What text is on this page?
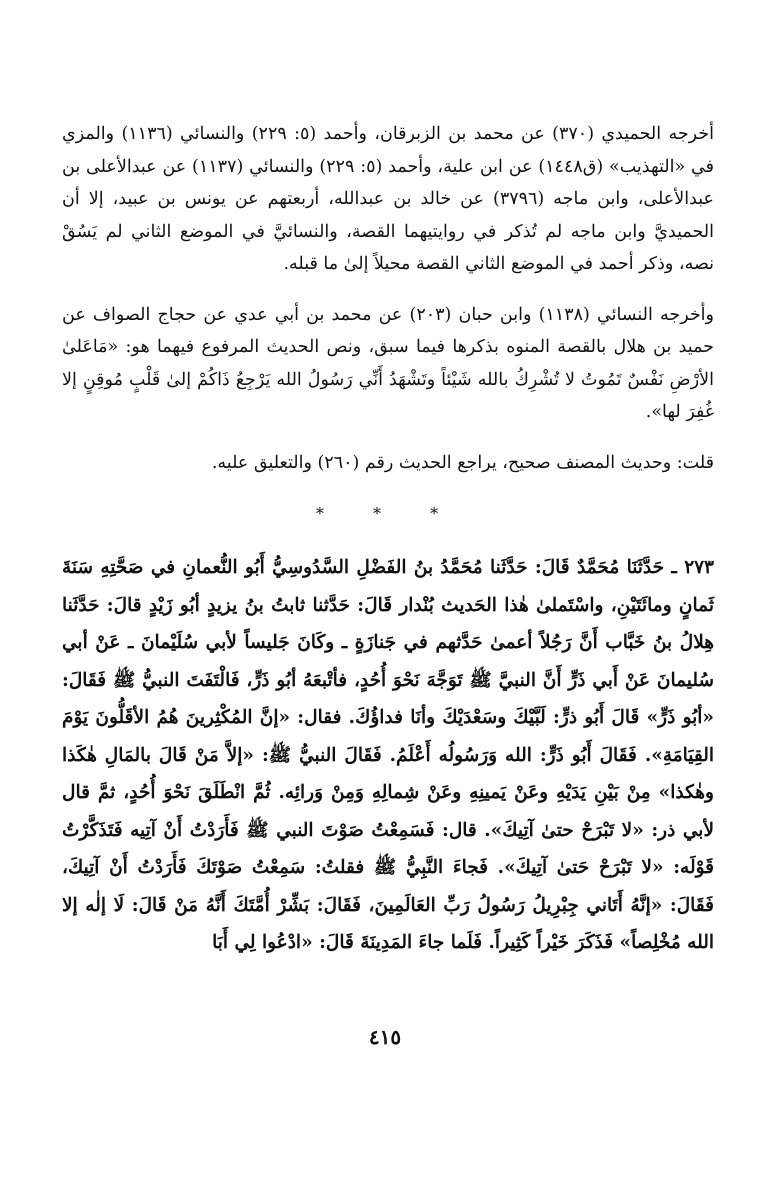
أخرجه الحميدي (٣٧٠) عن محمد بن الزبرقان، وأحمد (٥: ٢٢٩) والنسائي (١١٣٦) والمزي في «التهذيب» (ق١٤٤٨) عن ابن علية، وأحمد (٥: ٢٢٩) والنسائي (١١٣٧) عن عبدالأعلى بن عبدالأعلى، وابن ماجه (٣٧٩٦) عن خالد بن عبدالله، أربعتهم عن يونس بن عبيد، إلا أن الحميديَّ وابن ماجه لم تُذكر في روايتيهما القصة، والنسائيَّ في الموضع الثاني لم يَسُقْ نصه، وذكر أحمد في الموضع الثاني القصة محيلاً إلىٰ ما قبله.

وأخرجه النسائي (١١٣٨) وابن حبان (٢٠٣) عن محمد بن أبي عدي عن حجاج الصواف عن حميد بن هلال بالقصة المنوه بذكرها فيما سبق، ونص الحديث المرفوع فيهما هو: «مَاعَلىٰ الأرْضِ نَفْسٌ تَمُوتُ لا تُشْرِكُ بالله شَيْئاً وتَشْهَدُ أَنِّي رَسُولُ الله يَرْجِعُ ذَاكُمْ إلىٰ قَلْبٍ مُوقِنٍ إلا غُفِرَ لها».

قلت: وحديث المصنف صحيح، يراجع الحديث رقم (٢٦٠) والتعليق عليه.

* * *

٢٧٣ ـ حَدَّثَنَا مُحَمَّدٌ قَالَ: حَدَّثَنا مُحَمَّدُ بنُ الفَضْلِ السَّدُوسِيُّ أَبُو النُّعمانِ في صَحَّتِهِ سَنَةَ ثَمانٍ ومائَتَيْنِ، واسْتَملىٰ هٰذا الحَديث بُنْدار قَالَ: حَدَّثنا ثابتُ بنُ يزيدٍ أبُو زَيْدٍ قالَ: حَدَّثَنا هِلالُ بنُ خَبَّاب أَنَّ رَجُلاً أعمىٰ حَدَّثهم في جَنازَةٍ ـ وكَانَ جَليساً لأبي سُلَيْمانَ ـ عَنْ أبي سُليمانَ عَنْ أَبي ذَرٍّ أَنَّ النبيَّ ﷺ تَوَجَّهَ نَحْوَ أُحُدٍ، فأتْبعَهُ أبُو ذَرٍّ، فَالْتَفَتَ النبيُّ ﷺ فَقَالَ: «أبُو ذَرٍّ» قَالَ أَبُو ذرٍّ: لَبَّيْكَ وسَعْدَيْكَ وأنَا فداؤُكَ. فقال: «إنَّ المُكْثِرينَ هُمُ الأقَلُّونَ يَوْمَ القِيَامَةِ». فَقَالَ أَبُو ذَرٍّ: الله وَرَسُولُه أَعْلَمُ. فَقَالَ النبيُّ ﷺ: «إلاَّ مَنْ قَالَ بالمَالِ هٰكَذا وهٰكذا» مِنْ بَيْنِ يَدَيْهِ وعَنْ يَمينِهِ وعَنْ شِمالِهِ وَمِنْ وَرائِه. ثُمَّ انْطَلَقَ نَحْوَ أُحُدٍ، ثمَّ قال لأبي ذر: «لا تَبْرَحْ حتىٰ آتِيكَ». قال: فَسَمِعْتُ صَوْتَ النبي ﷺ فَأَرَدْتُ أَنْ آتِيه فَتَذَكَّرْتُ قَوْلَه: «لا تَبْرَحْ حَتىٰ آتِيكَ». فَجاءَ النَّبِيُّ ﷺ فقلتُ: سَمِعْتُ صَوْتَكَ فَأَرَدْتُ أَنْ آتِيكَ، فَقَالَ: «إنَّهُ أَتَاني جِبْرِيلُ رَسُولُ رَبِّ العَالَمِينَ، فَقَالَ: بَشِّرْ أُمَّتَكَ أَنَّهُ مَنْ قَالَ: لَا إلٰه إلا الله مُخْلِصاً» فَذَكَرَ خَيْراً كَثِيراً. فَلَما جاءَ المَدِينَةَ قَالَ: «ادْعُوا لِي أَبَا

٤١٥
